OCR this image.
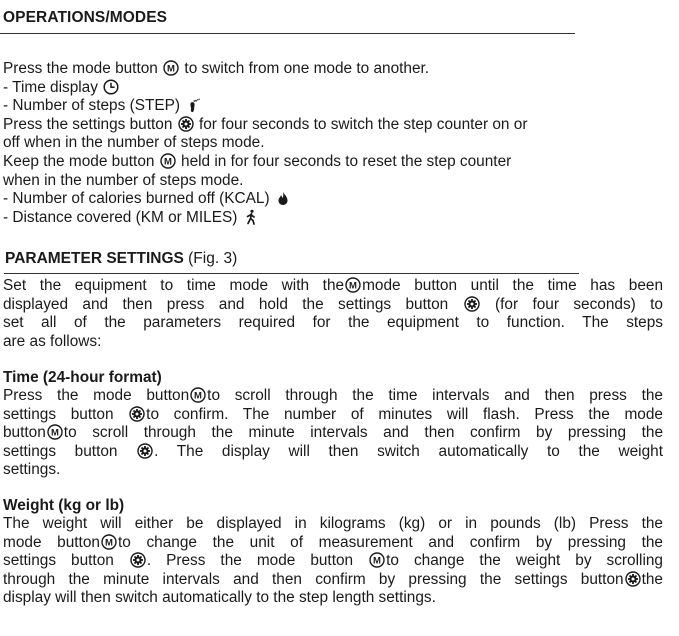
OPERATIONS/MODES
Press the mode button M to switch from one mode to another.
- Time display
- Number of steps (STEP)
Press the settings button
for four seconds to switch the step counter on or
off when in the number of steps mode.
Keep the mode button M held in for four seconds to reset the step counter
when in the number of steps mode.
- Number of calories burned off (KCAL)
- Distance covered (KM or MILES)
PARAMETER SETTINGS (Fig. 3)
Set the equipment to time mode with the M mode button until the time has been
displayed and then press and hold the settings button
(for four seconds) to
set all of the parameters required for the equipment to function. The steps
are as follows:
Time (24-hour format)
Press the mode button M to scroll through the time intervals and then press the
settings button
to confirm. The number of minutes will flash. Press the mode
button M to scroll through the minute intervals and then confirm by pressing the
settings button
. The display will then switch automatically to the weight
settings.
Weight (kg or lb)
The weight will either be displayed in kilograms (kg) or in pounds (lb) Press the
mode button M to change the unit of measurement and confirm by pressing the
settings button
. Press the mode button M to change the weight by scrolling
through the minute intervals and then confirm by pressing the settings button the
display will then switch automatically to the step length settings.
